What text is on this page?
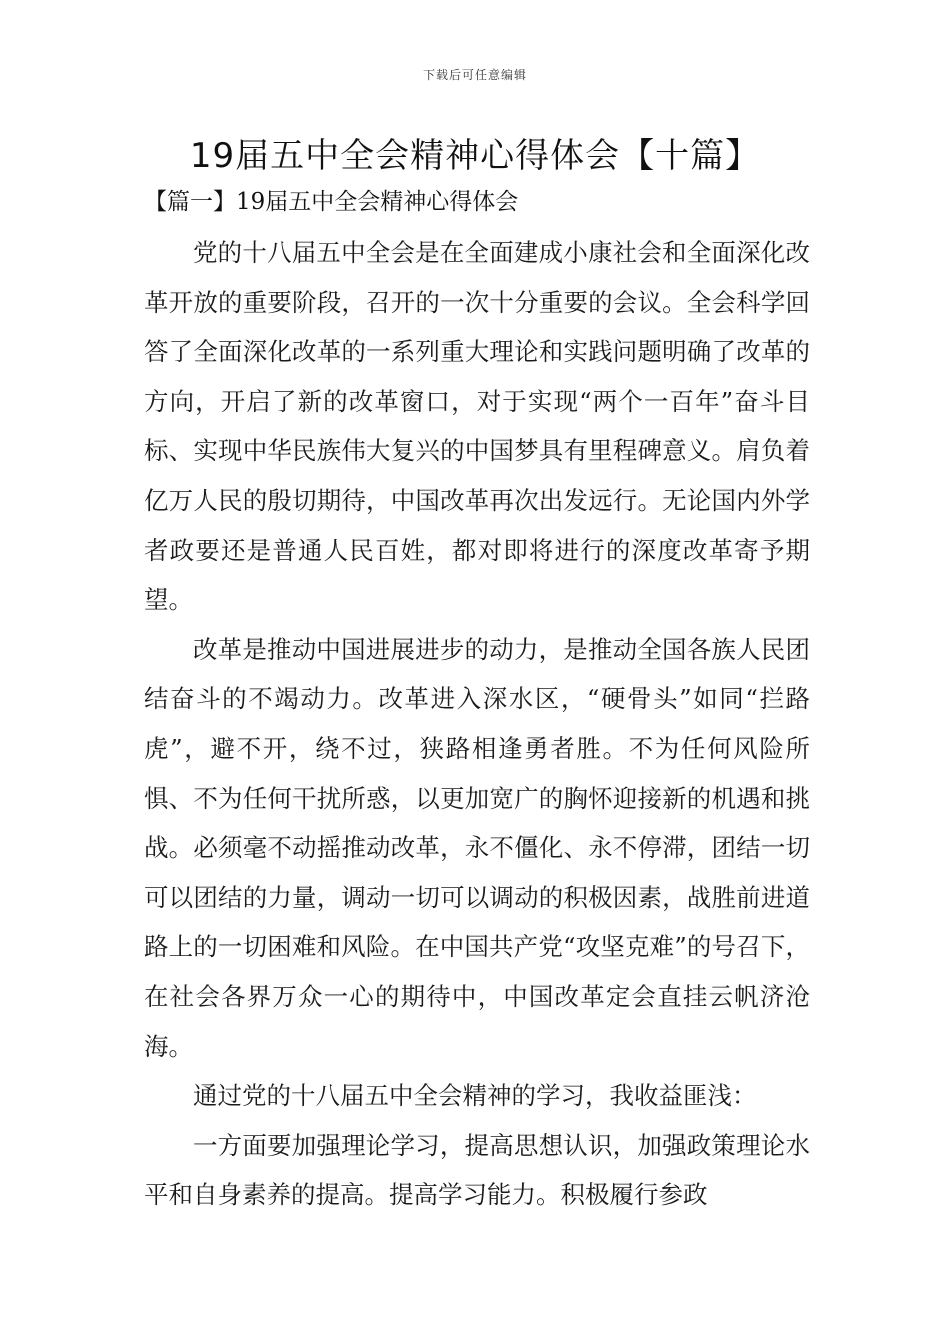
下载后可任意编辑
19届五中全会精神心得体会【十篇】
【篇一】19届五中全会精神心得体会

党的十八届五中全会是在全面建成小康社会和全面深化改革开放的重要阶段，召开的一次十分重要的会议。全会科学回答了全面深化改革的一系列重大理论和实践问题明确了改革的方向，开启了新的改革窗口，对于实现“两个一百年”奋斗目标、实现中华民族伟大复兴的中国梦具有里程碑意义。肩负着亿万人民的殷切期待，中国改革再次出发远行。无论国内外学者政要还是普通人民百姓，都对即将进行的深度改革寄予期望。

改革是推动中国进展进步的动力，是推动全国各族人民团结奋斗的不竭动力。改革进入深水区，“硬骨头”如同“拦路虎”，避不开，绕不过，狭路相逢勇者胜。不为任何风险所惧、不为任何干扰所惑，以更加宽广的胸怀迎接新的机遇和挑战。必须毫不动摇推动改革，永不僵化、永不停滞，团结一切可以团结的力量，调动一切可以调动的积极因素，战胜前进道路上的一切困难和风险。在中国共产党“攻坚克难”的号召下，在社会各界万众一心的期待中，中国改革定会直挂云帆济沧海。

通过党的十八届五中全会精神的学习，我收益匪浅：

一方面要加强理论学习，提高思想认识，加强政策理论水平和自身素养的提高。提高学习能力。积极履行参政
